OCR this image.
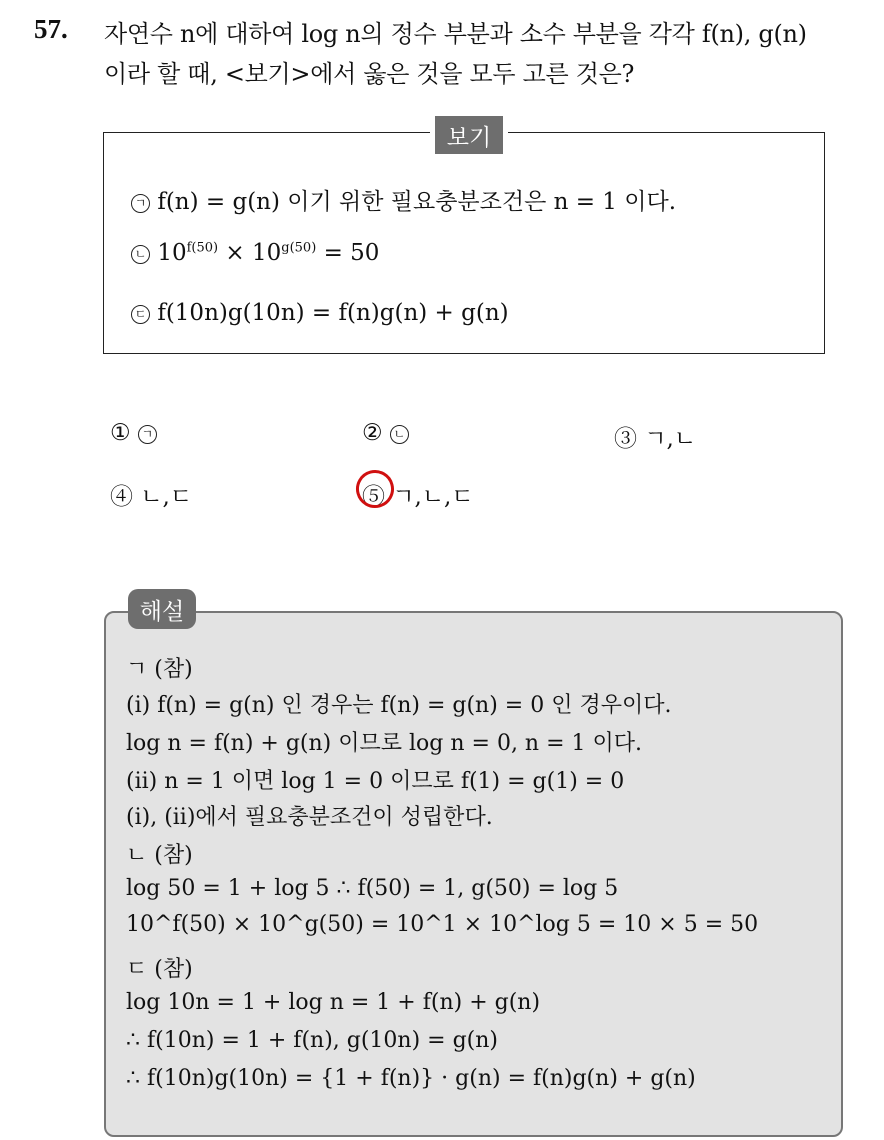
57. 자연수 n에 대하여 log n의 정수 부분과 소수 부분을 각각 f(n), g(n)
이라 할 때, <보기>에서 옳은 것을 모두 고른 것은?
보기
ㄱ f(n) = g(n) 이기 위한 필요충분조건은 n = 1 이다.
ㄴ $10^{f(50)} \times 10^{g(50)} = 50$
ㄷ f(10n)g(10n) = f(n)g(n) + g(n)
① ㄱ	② ㄴ	③ ㄱ,ㄴ
④ ㄴ,ㄷ	⑤ ㄱ,ㄴ,ㄷ
해설
ㄱ (참)
(i) f(n) = g(n) 인 경우는 f(n) = g(n) = 0 인 경우이다.
log n = f(n) + g(n) 이므로 log n = 0, n = 1 이다.
(ii) n = 1 이면 log 1 = 0 이므로 f(1) = g(1) = 0
(i), (ii)에서 필요충분조건이 성립한다.
ㄴ (참)
log 50 = 1 + log 5 ∴ f(50) = 1, g(50) = log 5
10^f(50) × 10^g(50) = 10^1 × 10^log 5 = 10 × 5 = 50
ㄷ (참)
log 10n = 1 + log n = 1 + f(n) + g(n)
∴ f(10n) = 1 + f(n), g(10n) = g(n)
∴ f(10n)g(10n) = {1 + f(n)} · g(n) = f(n)g(n) + g(n)
